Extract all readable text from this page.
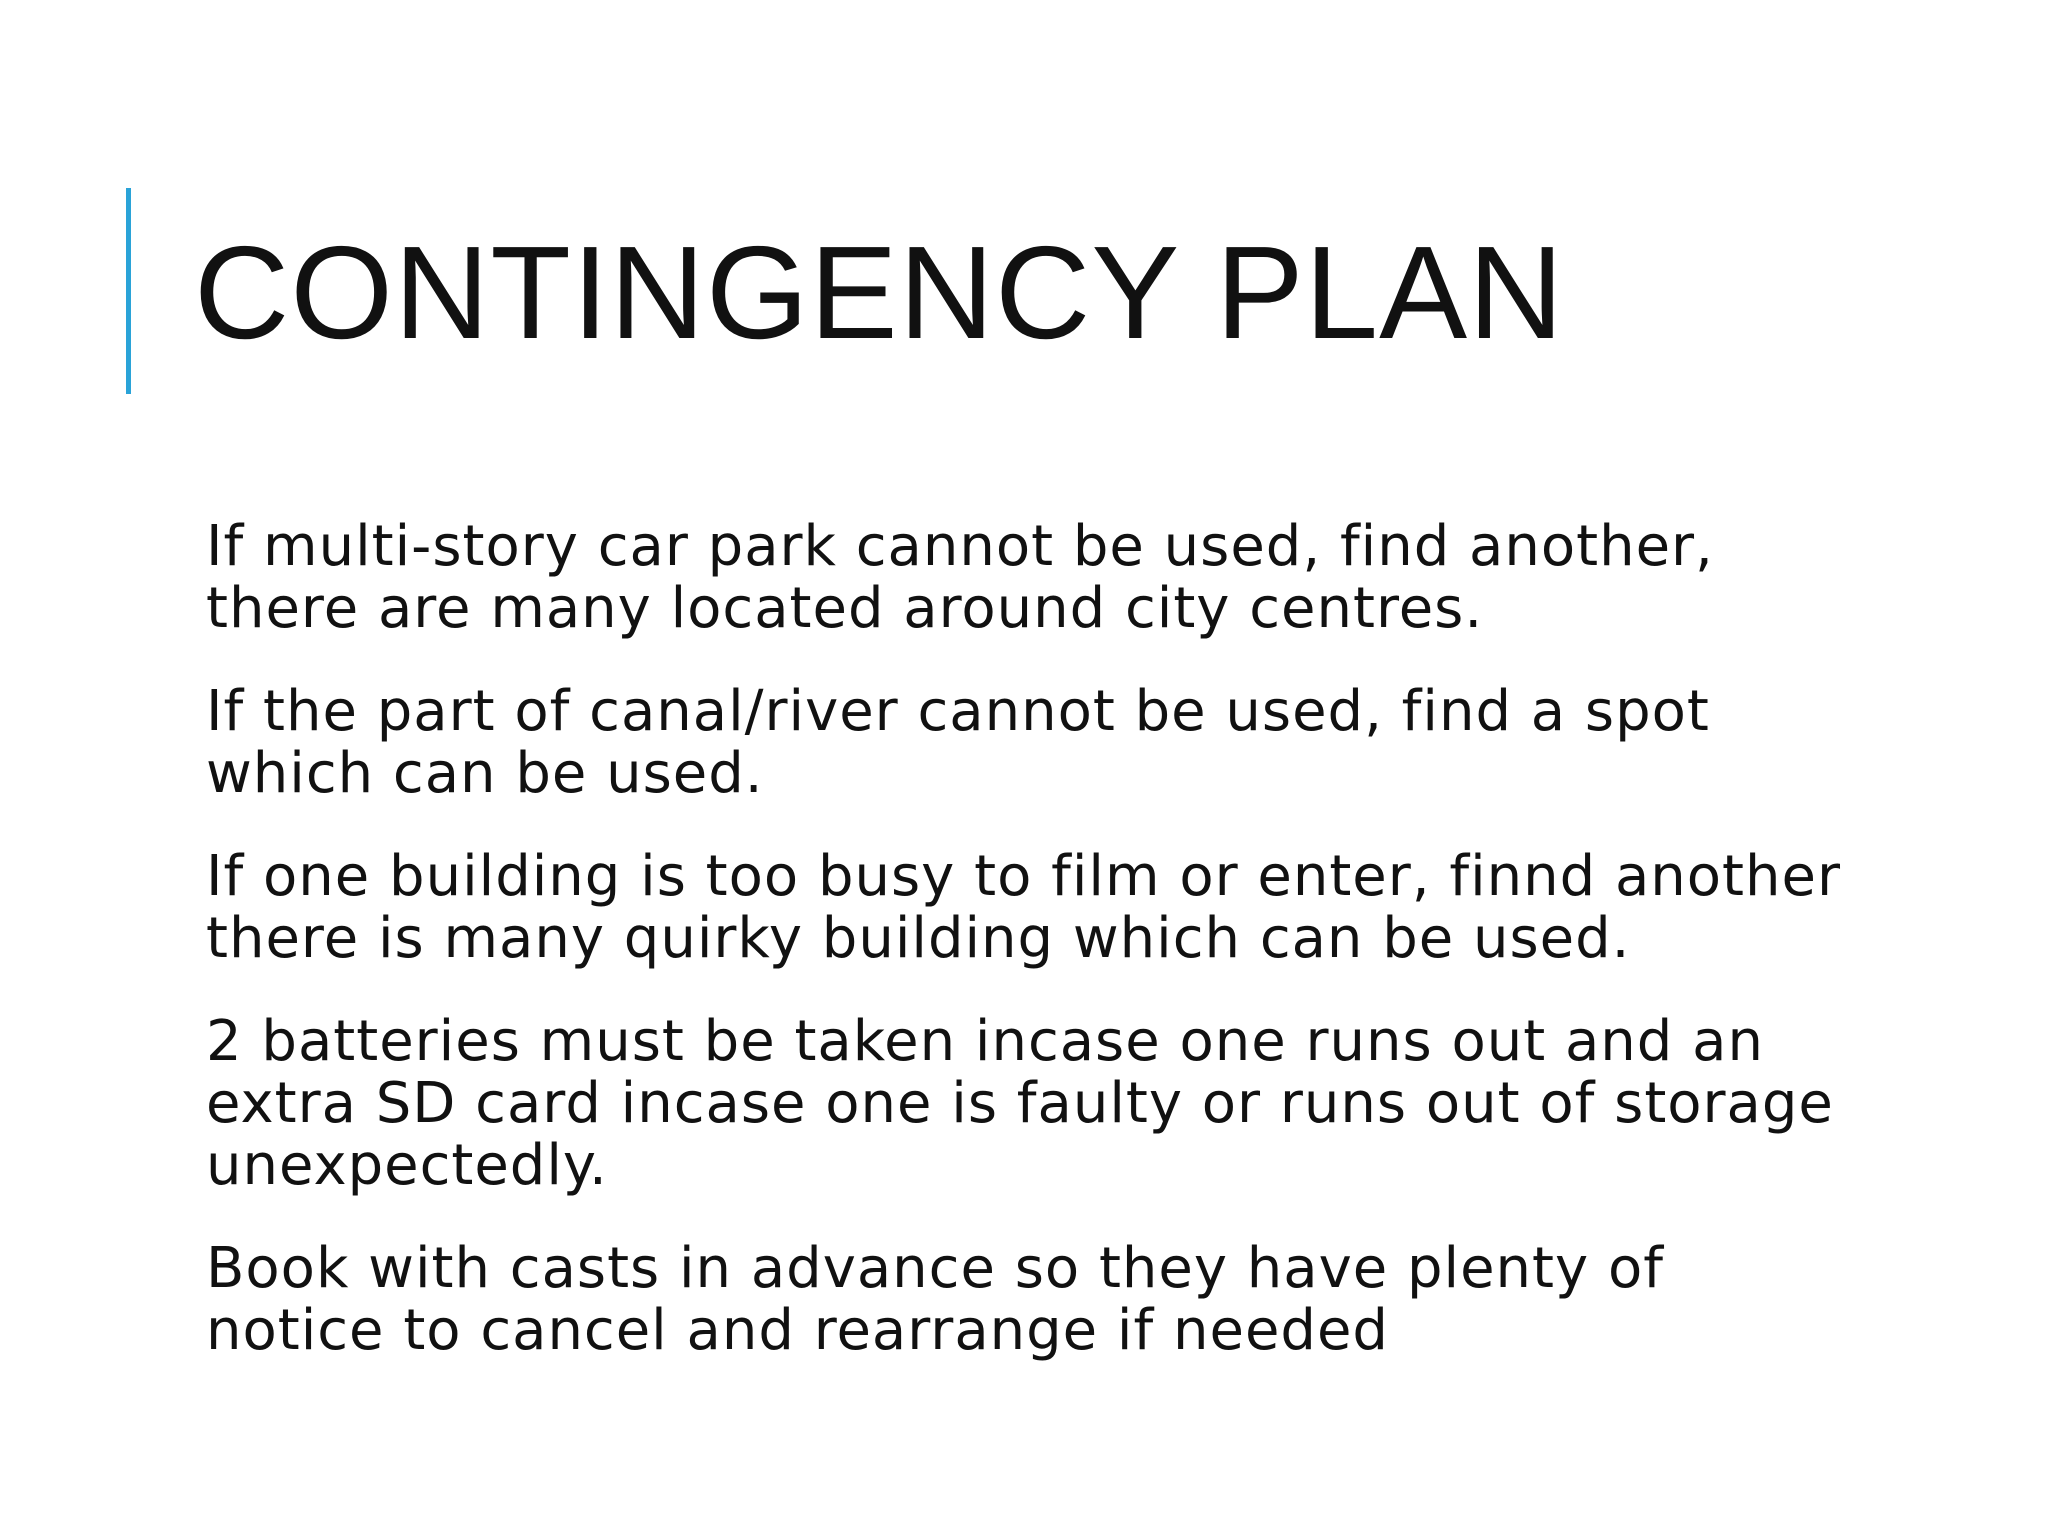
CONTINGENCY PLAN
If multi-story car park cannot be used, find another, there are many located around city centres.
If the part of canal/river cannot be used, find a spot which can be used.
If one building is too busy to film or enter, finnd another there is many quirky building which can be used.
2 batteries must be taken incase one runs out and an extra SD card incase one is faulty or runs out of storage unexpectedly.
Book with casts in advance so they have plenty of notice to cancel and rearrange if needed
